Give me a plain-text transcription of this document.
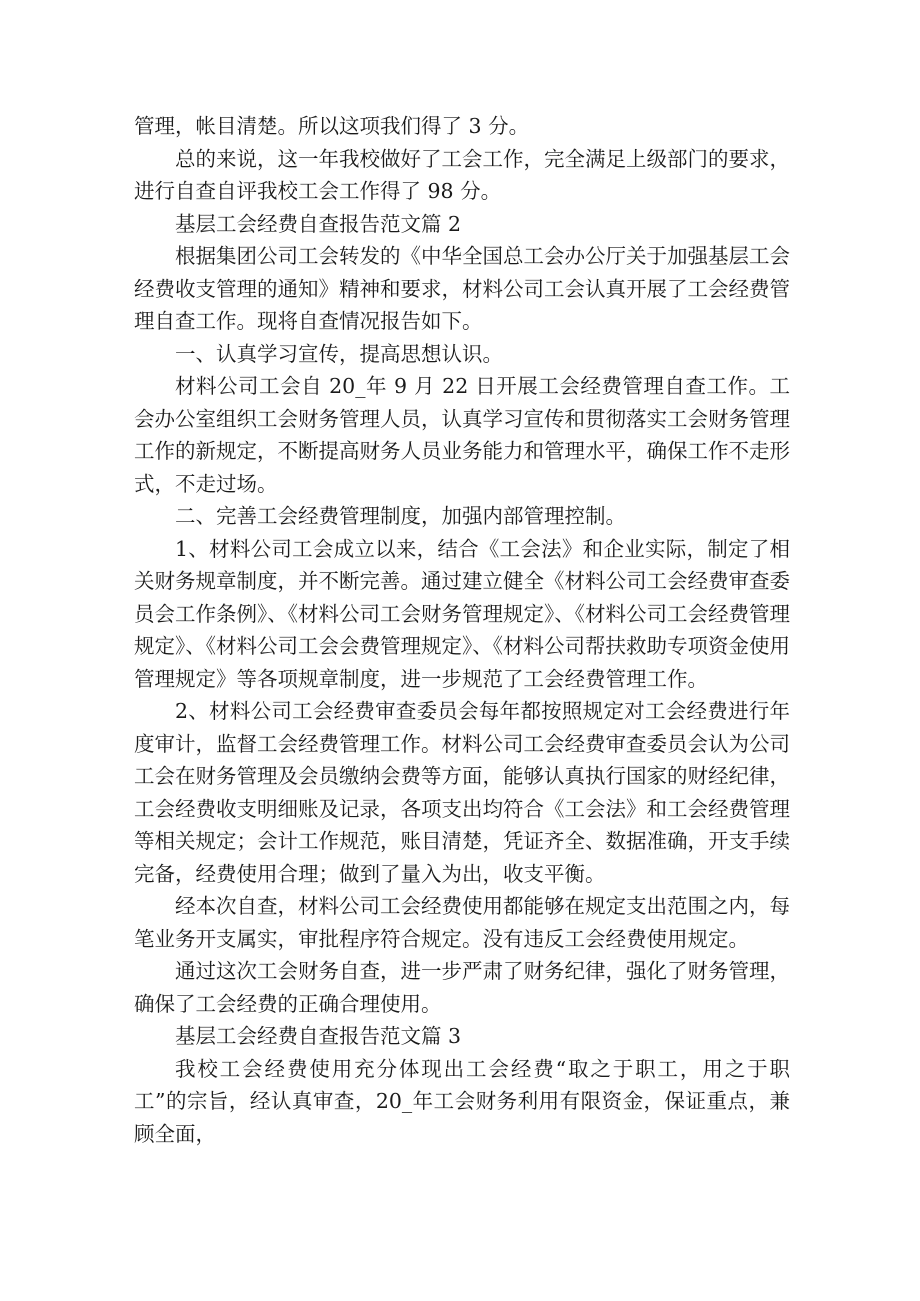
管理，帐目清楚。所以这项我们得了 3 分。

总的来说，这一年我校做好了工会工作，完全满足上级部门的要求，进行自查自评我校工会工作得了 98 分。

基层工会经费自查报告范文篇 2

根据集团公司工会转发的《中华全国总工会办公厅关于加强基层工会经费收支管理的通知》精神和要求，材料公司工会认真开展了工会经费管理自查工作。现将自查情况报告如下。

一、认真学习宣传，提高思想认识。

材料公司工会自 20_年 9 月 22 日开展工会经费管理自查工作。工会办公室组织工会财务管理人员，认真学习宣传和贯彻落实工会财务管理工作的新规定，不断提高财务人员业务能力和管理水平，确保工作不走形式，不走过场。

二、完善工会经费管理制度，加强内部管理控制。

1、材料公司工会成立以来，结合《工会法》和企业实际，制定了相关财务规章制度，并不断完善。通过建立健全《材料公司工会经费审查委员会工作条例》、《材料公司工会财务管理规定》、《材料公司工会经费管理规定》、《材料公司工会会费管理规定》、《材料公司帮扶救助专项资金使用管理规定》等各项规章制度，进一步规范了工会经费管理工作。

2、材料公司工会经费审查委员会每年都按照规定对工会经费进行年度审计，监督工会经费管理工作。材料公司工会经费审查委员会认为公司工会在财务管理及会员缴纳会费等方面，能够认真执行国家的财经纪律，工会经费收支明细账及记录，各项支出均符合《工会法》和工会经费管理等相关规定；会计工作规范，账目清楚，凭证齐全、数据准确，开支手续完备，经费使用合理；做到了量入为出，收支平衡。

经本次自查，材料公司工会经费使用都能够在规定支出范围之内，每笔业务开支属实，审批程序符合规定。没有违反工会经费使用规定。

通过这次工会财务自查，进一步严肃了财务纪律，强化了财务管理，确保了工会经费的正确合理使用。

基层工会经费自查报告范文篇 3

我校工会经费使用充分体现出工会经费“取之于职工，用之于职工”的宗旨，经认真审查，20_年工会财务利用有限资金，保证重点，兼顾全面，
